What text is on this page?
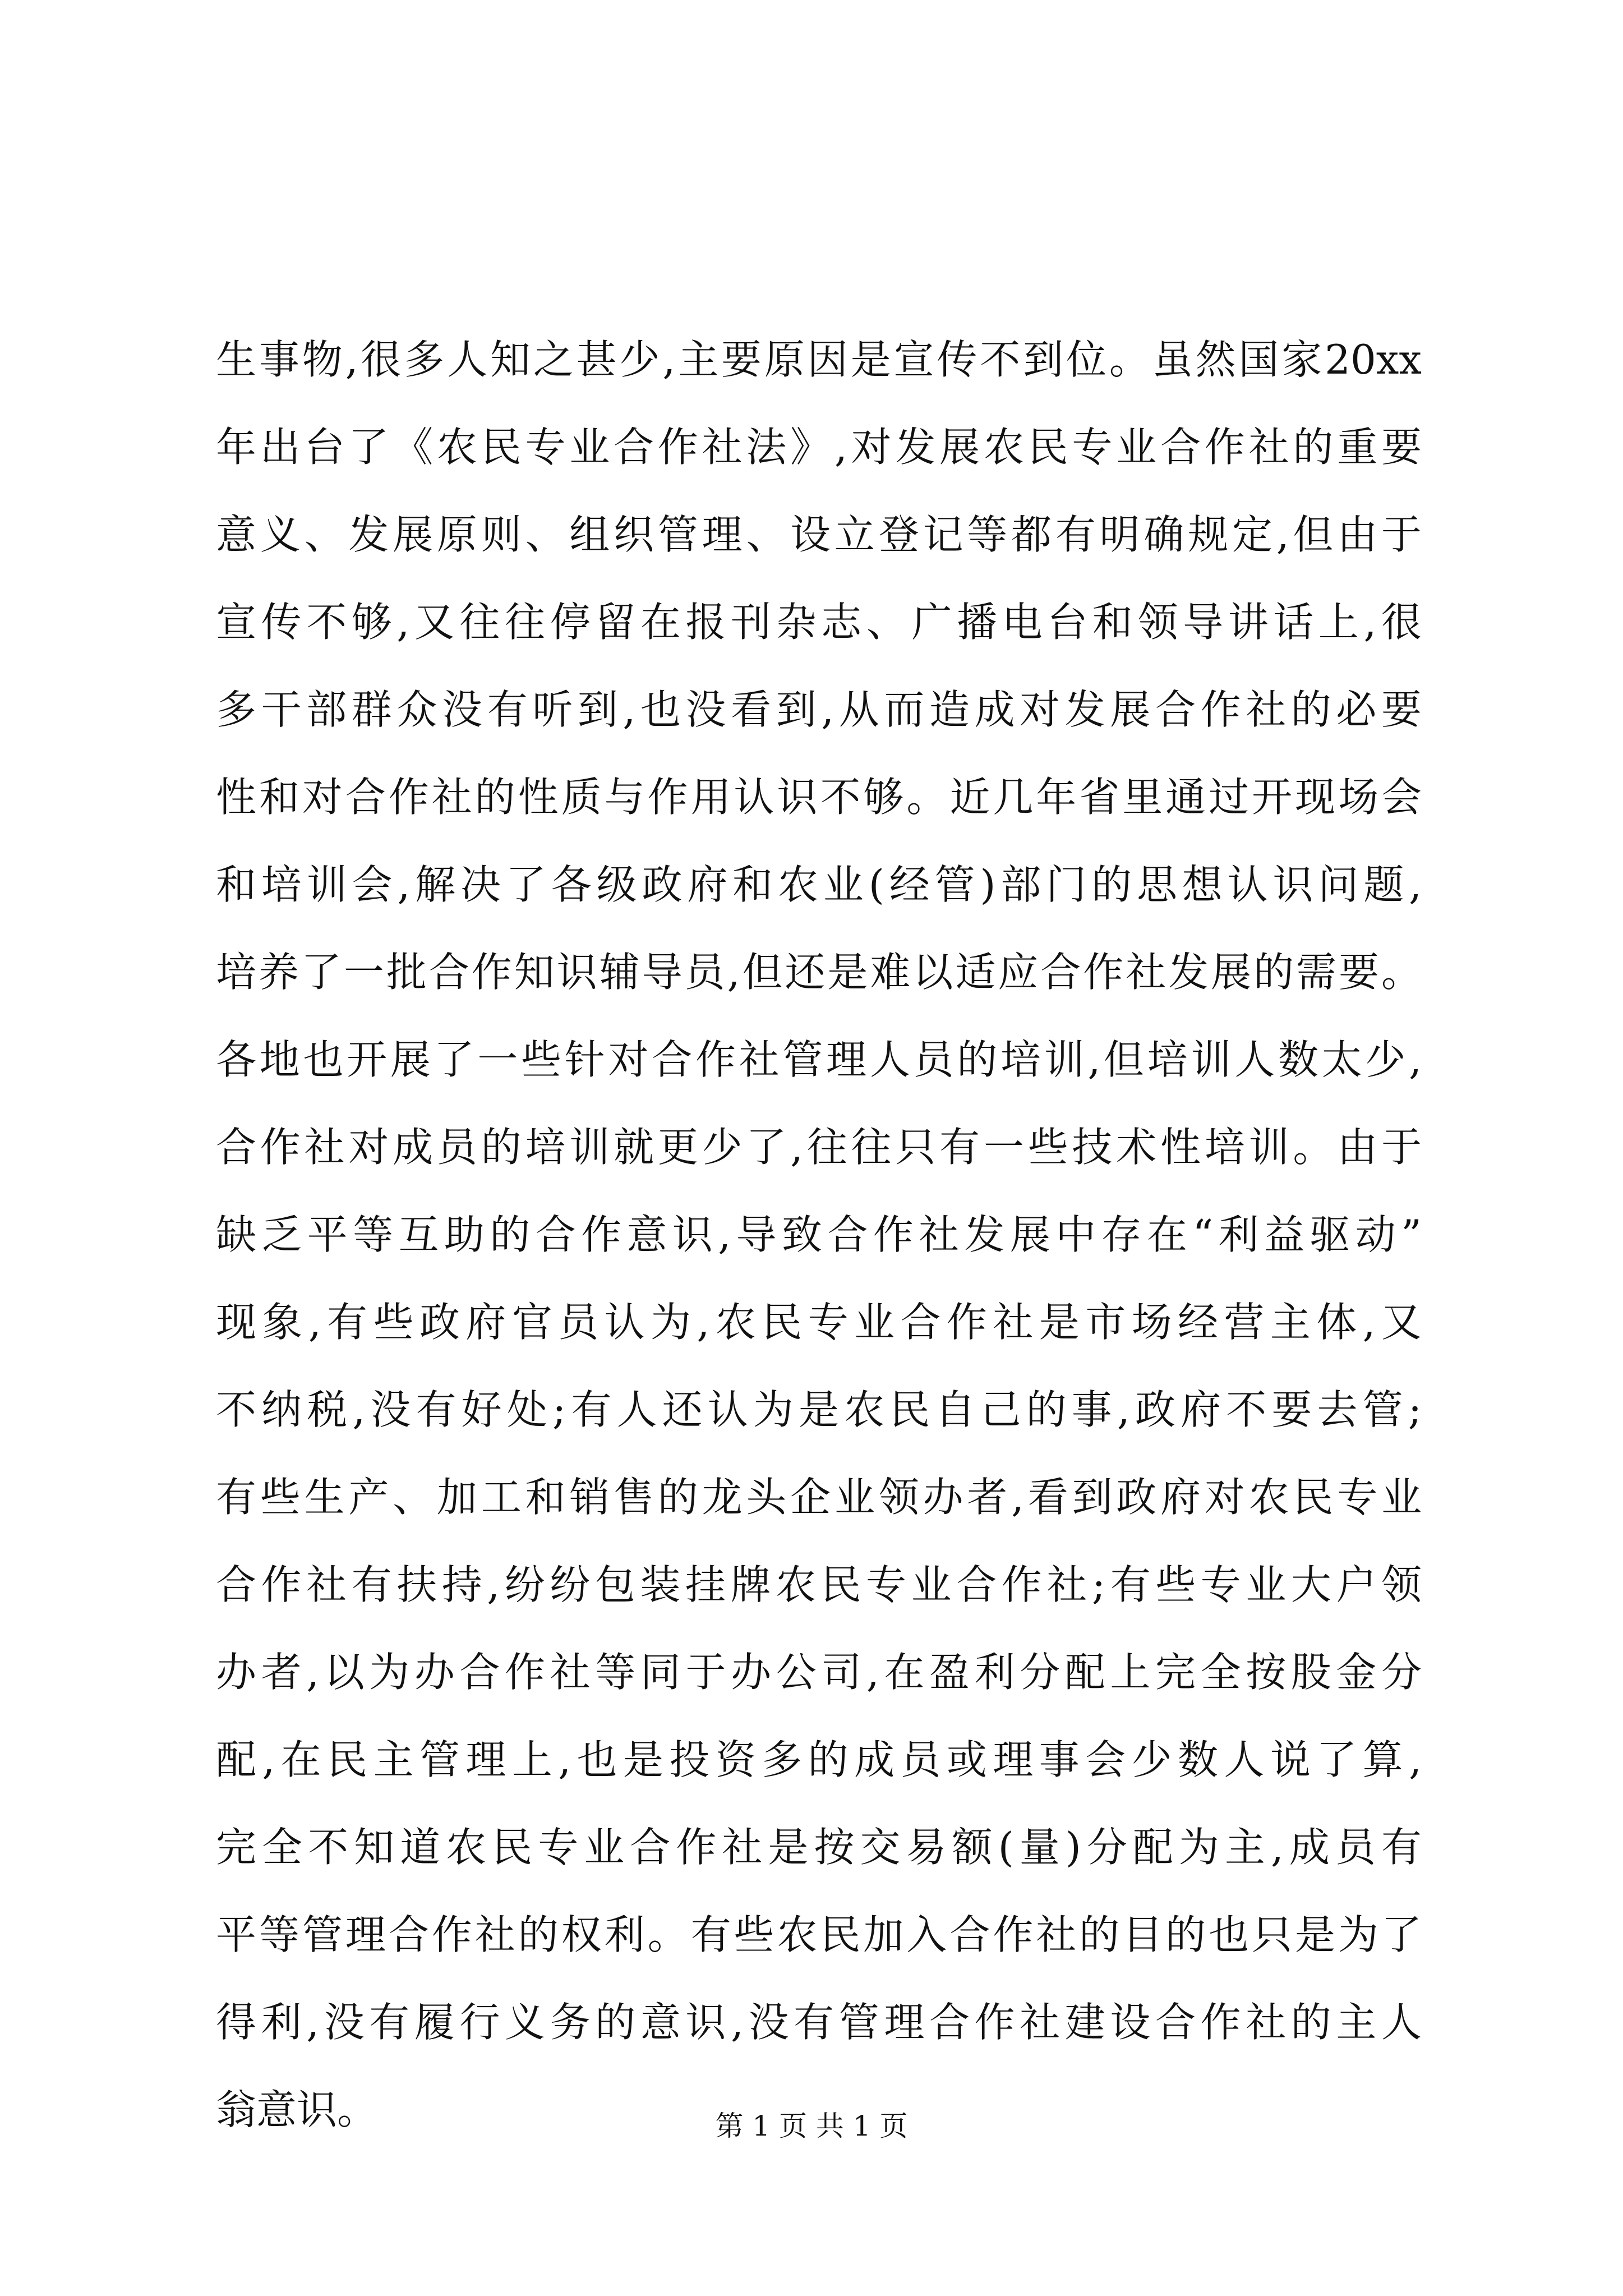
生事物,很多人知之甚少,主要原因是宣传不到位。虽然国家20xx
年出台了《农民专业合作社法》,对发展农民专业合作社的重要
意义、发展原则、组织管理、设立登记等都有明确规定,但由于
宣传不够,又往往停留在报刊杂志、广播电台和领导讲话上,很
多干部群众没有听到,也没看到,从而造成对发展合作社的必要
性和对合作社的性质与作用认识不够。近几年省里通过开现场会
和培训会,解决了各级政府和农业(经管)部门的思想认识问题,
培养了一批合作知识辅导员,但还是难以适应合作社发展的需要。
各地也开展了一些针对合作社管理人员的培训,但培训人数太少,
合作社对成员的培训就更少了,往往只有一些技术性培训。由于
缺乏平等互助的合作意识,导致合作社发展中存在“利益驱动”
现象,有些政府官员认为,农民专业合作社是市场经营主体,又
不纳税,没有好处;有人还认为是农民自己的事,政府不要去管;
有些生产、加工和销售的龙头企业领办者,看到政府对农民专业
合作社有扶持,纷纷包装挂牌农民专业合作社;有些专业大户领
办者,以为办合作社等同于办公司,在盈利分配上完全按股金分
配,在民主管理上,也是投资多的成员或理事会少数人说了算,
完全不知道农民专业合作社是按交易额(量)分配为主,成员有
平等管理合作社的权利。有些农民加入合作社的目的也只是为了
得利,没有履行义务的意识,没有管理合作社建设合作社的主人
翁意识。	第 1 页 共 1 页
